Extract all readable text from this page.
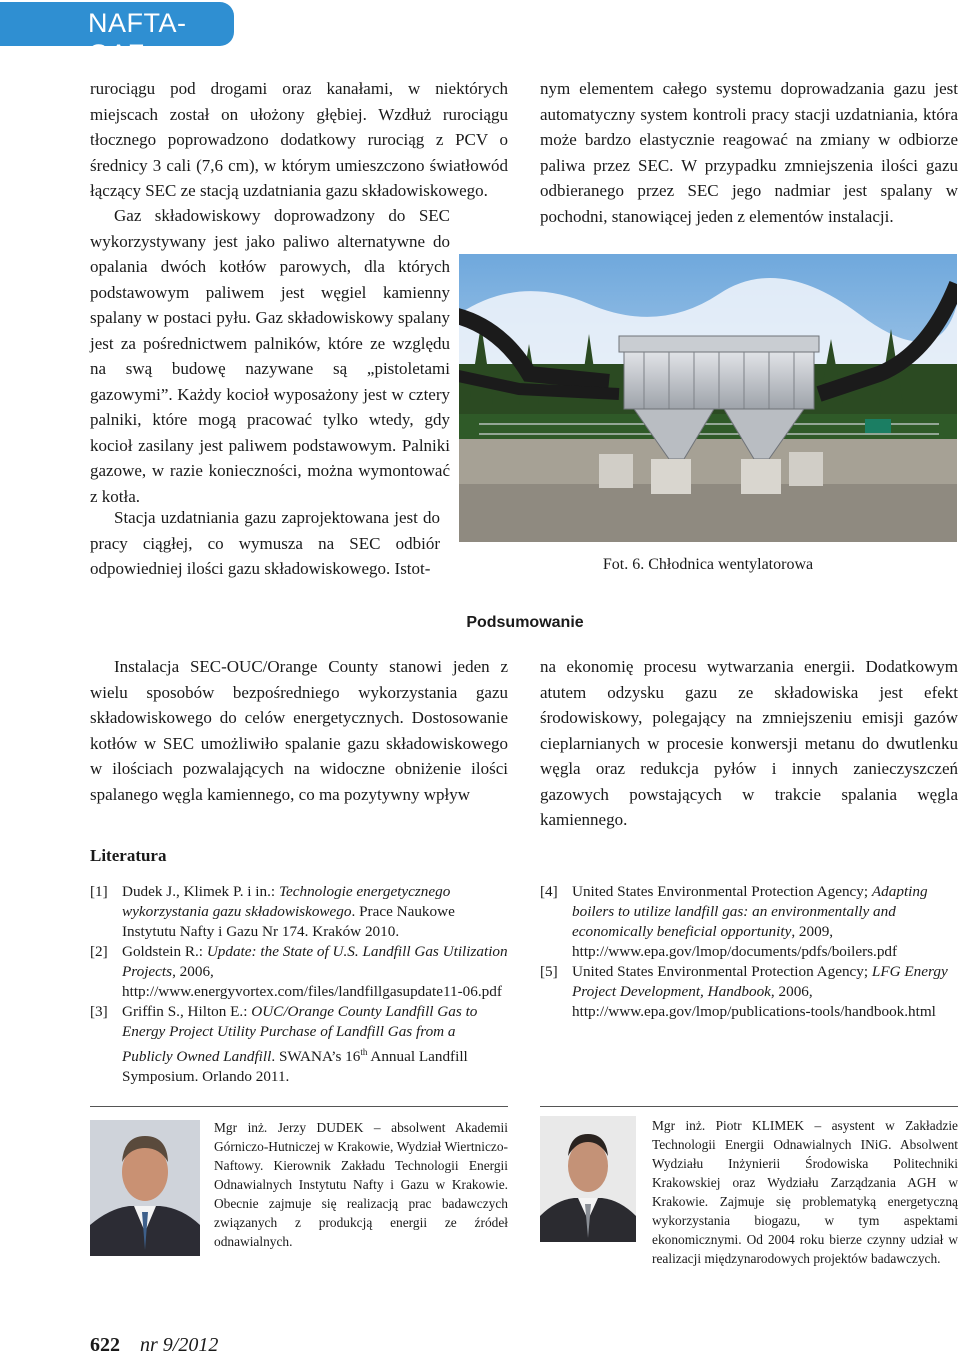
NAFTA-GAZ

rurociągu pod drogami oraz kanałami, w niektórych miejscach został on ułożony głębiej. Wzdłuż rurociągu tłocznego poprowadzono dodatkowy rurociąg z PCV o średnicy 3 cali (7,6 cm), w którym umieszczono światłowód łączący SEC ze stacją uzdatniania gazu składowiskowego.

Gaz składowiskowy doprowadzony do SEC wykorzystywany jest jako paliwo alternatywne do opalania dwóch kotłów parowych, dla których podstawowym paliwem jest węgiel kamienny spalany w postaci pyłu. Gaz składowiskowy spalany jest za pośrednictwem palników, które ze względu na swą budowę nazywane są „pistoletami gazowymi”. Każdy kocioł wyposażony jest w cztery palniki, które mogą pracować tylko wtedy, gdy kocioł zasilany jest paliwem podstawowym. Palniki gazowe, w razie konieczności, można wymontować z kotła.

Stacja uzdatniania gazu zaprojektowana jest do pracy ciągłej, co wymusza na SEC odbiór odpowiedniej ilości gazu składowiskowego. Istot-

nym elementem całego systemu doprowadzania gazu jest automatyczny system kontroli pracy stacji uzdatniania, która może bardzo elastycznie reagować na zmiany w odbiorze paliwa przez SEC. W przypadku zmniejszenia ilości gazu odbieranego przez SEC jego nadmiar jest spalany w pochodni, stanowiącej jeden z elementów instalacji.

Fot. 6. Chłodnica wentylatorowa
Podsumowanie

Instalacja SEC-OUC/Orange County stanowi jeden z wielu sposobów bezpośredniego wykorzystania gazu składowiskowego do celów energetycznych. Dostosowanie kotłów w SEC umożliwiło spalanie gazu składowiskowego w ilościach pozwalających na widoczne obniżenie ilości spalanego węgla kamiennego, co ma pozytywny wpływ

na ekonomię procesu wytwarzania energii. Dodatkowym atutem odzysku gazu ze składowiska jest efekt środowiskowy, polegający na zmniejszeniu emisji gazów cieplarnianych w procesie konwersji metanu do dwutlenku węgla oraz redukcja pyłów i innych zanieczyszczeń gazowych powstających w trakcie spalania węgla kamiennego.

Literatura
[1] Dudek J., Klimek P. i in.: Technologie energetycznego wykorzystania gazu składowiskowego. Prace Naukowe Instytutu Nafty i Gazu Nr 174. Kraków 2010.
[2] Goldstein R.: Update: the State of U.S. Landfill Gas Utilization Projects, 2006, http://www.energyvortex.com/files/landfillgasupdate11-06.pdf
[3] Griffin S., Hilton E.: OUC/Orange County Landfill Gas to Energy Project Utility Purchase of Landfill Gas from a Publicly Owned Landfill. SWANA’s 16th Annual Landfill Symposium. Orlando 2011.
[4] United States Environmental Protection Agency; Adapting boilers to utilize landfill gas: an environmentally and economically beneficial opportunity, 2009, http://www.epa.gov/lmop/documents/pdfs/boilers.pdf
[5] United States Environmental Protection Agency; LFG Energy Project Development, Handbook, 2006, http://www.epa.gov/lmop/publications-tools/handbook.html

Mgr inż. Jerzy DUDEK – absolwent Akademii Górniczo-Hutniczej w Krakowie, Wydział Wiertniczo-Naftowy. Kierownik Zakładu Technologii Energii Odnawialnych Instytutu Nafty i Gazu w Krakowie. Obecnie zajmuje się realizacją prac badawczych związanych z produkcją energii ze źródeł odnawialnych.

Mgr inż. Piotr KLIMEK – asystent w Zakładzie Technologii Energii Odnawialnych INiG. Absolwent Wydziału Inżynierii Środowiska Politechniki Krakowskiej oraz Wydziału Zarządzania AGH w Krakowie. Zajmuje się problematyką energetyczną wykorzystania biogazu, w tym aspektami ekonomicznymi. Od 2004 roku bierze czynny udział w realizacji międzynarodowych projektów badawczych.

622 nr 9/2012
